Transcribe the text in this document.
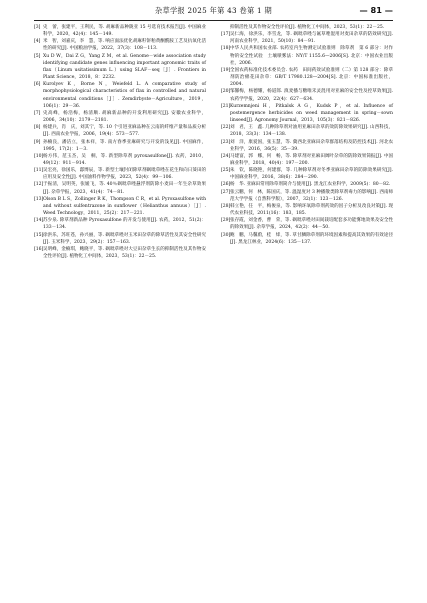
杂草学报 2025 年第 43 卷第 1 期	— 81 —
[3] 史　蕾，张建平，王利民，等. 胡麻新品种陇亚 15 号选育技术报告[J]. 中国麻业科学，2020，42(4)：145－149.
[4] 米　智，刘嘉庆，李　慧，等. 响应面法优化胡麻籽饼粕黄酮酰胺工艺及抗氧化活性的研究[J]. 中国粮油学报，2022，37(3)：108－113.
[5] Xu D W，Dai Z G，Yang Z M，et al. Genome－wide association study identifying candidate genes influencing important agronomic traits of flax（Linum usitatissimum L.）using SLAF－seq［J］. Frontiers in Plant Science，2018，8：2232.
[6] Kurolyev K，Borne N，Weiefeld L. A comparative study of morphophysiological characteristics of flax in controlled and natural environmental conditions［J］. Zemdirbyste－Agriculture，2019，106(1)：29－36.
[7] 史高峰，杨浩梅，杨清顺. 胡麻新品种的开发利用研究[J]. 安徽农业科学，2006，34(10)：2179－2181.
[8] 杨建兵，肖　庆，刘其宁，等. 10 个引进亚麻品种在云南的纤维产量和品质分析[J]. 西南农业学报，2006，19(4)：573－577.
[9] 孙楠良，潘洁立，张本祥，等. 南方春季亚麻研究与开发的浅见[J]. 中国麻作，1995，17(2)：1－3.
[10] 杨方伟，范玉杰，吴　桐，等. 新型除草剂 pyroxasulfone[J]. 农药，2010，49(12)：911－914.
[11] 吴宏亮，徐国乐，邸博辰，等. 新型土壤封闭除草剂砜吡草唑在花生和向日葵田的应用及安全性[J]. 中国油料作物学报，2023，52(4)：99－106.
[12] 于振清，吴明英，张媛飞，等. 40％砜吡草唑悬浮剂防除小麦田一年生杂草效果[J]. 杂草学报，2023，41(4)：74－81.
[13] Olson B L S，Zollinger R K，Thompson C R，et al. Pyroxasulfone with and without sulfentrazone in sunflower（Helianthus annuus）［J］. Weed Technology，2011，25(2)：217－221.
[14] 苏少泉. 除草剂新品种 Pyroxasulfone 的开发与使用[J]. 农药，2012，51(2)：133－134.
[15] 徐洪乐，苏旺苍，孙兴丽，等. 砜吡草唑对玉米田杂草的除草活性及其安全性研究[J]. 玉米科学，2023，29(2)：157－163.
[16] 吴明峰，金楠琪，鲍晓平，等. 砜吡草唑对大豆田杂草生长的抑制活性及其作物安全性评价[J]. 植物化工中间体，2023，53(1)：22－25.
抑制活性及其作物安全性评价[J]. 植物化工中间体，2023，53(1)：22－25.
[17] 吴仁海，徐洪乐，李雪龙，等. 砜吡草唑与氟草唑混用对麦田杂草的防效研究[J]. 河南农业科学，2021，50(10)：84－91.
[18] 中华人民共和国农业部. 农药室内生物测定试验准则　除草剂　第 6 部分：对作物的安全性试验　土壤喷雾法：NY/T 1155.6—2006[S]. 北京：中国农业出版社，2006.
[19] 全国农药标准化技术委员会. 农药　田间药效试验准则（二）第 128 部分：除草剂防治棉花田杂草：GB/T 17980.128—2004[S]. 北京：中国标准出版社，2004.
[20] 邹馨梅，杨德耀，杨道郎. 滇麦播与糖唯禾灵混用对亚麻的安全性及控草效果[J]. 农药学学报，2020，22(4)：627－634.
[21] Kurzemnjeni H，Pitkalsk A G，Kudsk P，et al. Influence of postemergence herbicides on weed management in spring－sown linseed[J]. Agronomy Journal，2013，105(3)：821－826.
[22] 刘　君，王　鑫. 几种除草剂对油用亚麻田杂草的效防除效果研究[J]. 山西科技，2018，33(3)：134－138.
[23] 刘　洋，康爱国，张玉慧，等. 冀西北亚麻田杂草群落结构及防控技术[J]. 河北农业科学，2016，36(5)：35－39.
[24] 马建富，郭　娜，何　畅，等. 除草剂对亚麻田阔叶杂草的防除效果简报[J]. 中国麻业科学，2018，40(4)：197－200.
[25] 朱　钦，陈晓艳，何建群，等. 几种除草剂对冬季亚麻田杂草的防除效果研究[J]. 中国麻业科学，2016，38(6)：284－290.
[26] 杨　华. 亚麻田常用除草剂简介与使用[J]. 黑龙江农业科学，2009(5)：80－82.
[27] 张云鹏，何　林，陈国庆，等. 温湿度对 3 种播散类除草剂毒力的影响[J]. 西南师范大学学报（自然科学版），2007，32(1)：123－126.
[28] 韩立艳，任　平，梅俊泉，等. 影响环氧除草剂药效的因子分析及改良对策[J]. 现代农业科技，2011(16)：183，185.
[29] 张存霞，刘金香，曹　荣，等. 砜吡草唑对田间栽培配套多功能雾地效果及安全性的除效果[J]. 杂草学报，2024，42(2)：44－50.
[30] 鲍　鹏，马馨蔚，桂　烽，等. 草甘膦除草剂的环境因素和提高其效果的有效途径[J]. 黑龙江林业，2024(6)：135－137.
